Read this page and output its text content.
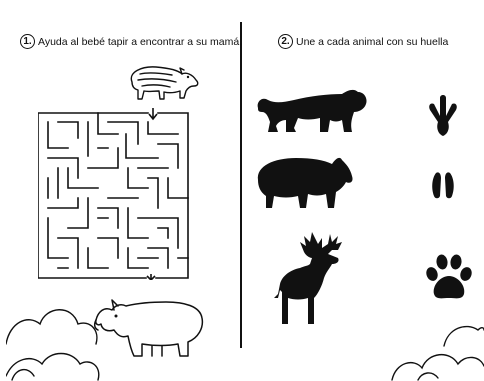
1. Ayuda al bebé tapir a encontrar a su mamá.	2. Une a cada animal con su huella
